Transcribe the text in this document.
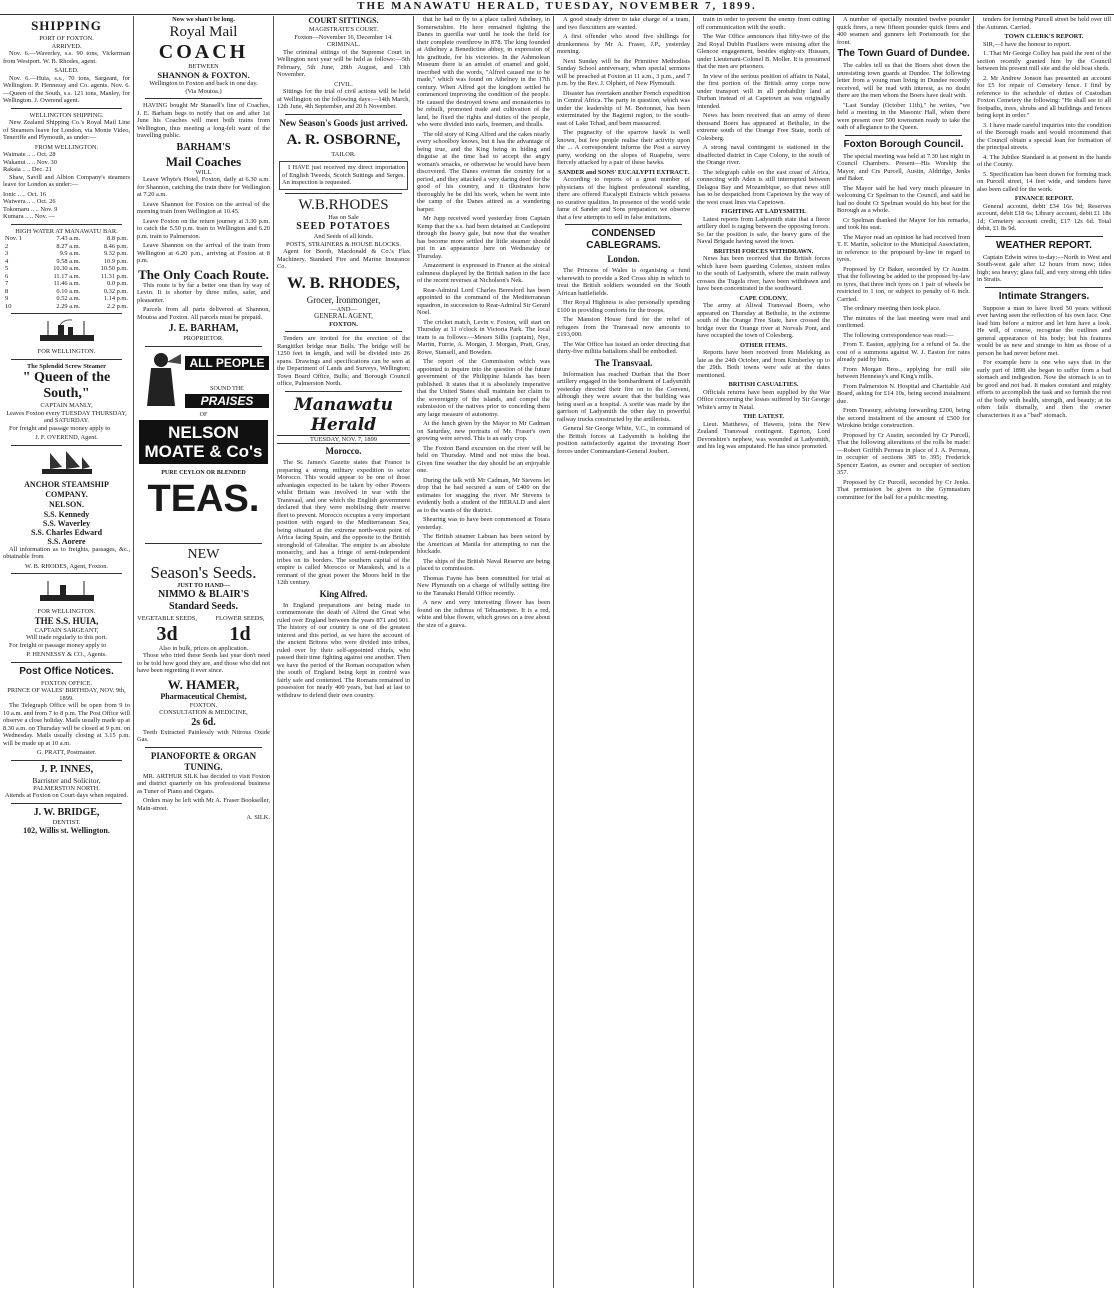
THE MANAWATU HERALD, TUESDAY, NOVEMBER 7, 1899.
SHIPPING
PORT OF FOXTON.
ARRIVED.

Nov. 6.—Waverley, s.s. 90 tons, Vickerman from Westport. W. B. Rhodes, agent.

SAILED.

Nov. 6.—Huia, s.s., 70 tons, Sargeant, for Wellington. P. Hennessy and Co. agents. Nov. 6.—Queen of the South, s.s. 121 tons, Manley, for Wellington. J. Overend agent.

WELLINGTON SHIPPING.

New Zealand Shipping Co.'s Royal Mail Line of Steamers leave for London, via Monte Video, Teneriffe and Plymouth, as under:—

FROM WELLINGTON.
Waimate .. .. Oct. 28
Wakanui .. .. Nov. 30
Rakaia .. .. Dec. 21

Shaw, Savill and Albion Company's steamers leave for London as under:—

Ionic .. .. Oct. 16
Waiwera .. .. Oct. 26
Tokomaru .. .. Nov. 9
Kumara .. .. Nov. —
HIGH WATER AT MANAWATU BAR.
Nov. 1	7.43 a.m.	8.8 p.m.
2	8.27 a.m.	8.46 p.m.
3	9.9 a.m.	9.32 p.m.
4	9.58 a.m.	10.9 p.m.
5	10.30 a.m.	10.50 p.m.
6	11.17 a.m.	11.31 p.m.
7	11.46 a.m.	0.0 p.m.
8	0.10 a.m.	0.32 p.m.
9	0.52 a.m.	1.14 p.m.
10	2.29 a.m.	2.2 p.m.
FOR WELLINGTON.
The Splendid Screw Steamer
" Queen of the South,"
CAPTAIN MANLY,
Leaves Foxton every TUESDAY THURSDAY, and SATURDAY.

For freight and passage money apply to

J. F. OVEREND, Agent.
ANCHOR STEAMSHIP COMPANY.
NELSON.
S.S. Kennedy
S.S. Waverley
S.S. Charles Edward
S.S. Aorere

All information as to freights, passages, &c., obtainable from

W. B. RHODES, Agent, Foxton.
FOR WELLINGTON.
THE S.S. HUIA,
CAPTAIN SARGEANT,
Will trade regularly to this port.

For freight or passage money apply to

P. HENNESSY & CO., Agents.
Post Office Notices.
FOXTON OFFICE.
PRINCE OF WALES' BIRTHDAY, NOV. 9th, 1899.

The Telegraph Office will be open from 9 to 10 a.m. and from 7 to 8 p.m. The Post Office will observe a close holiday. Mails usually made up at 8.30 a.m. on Thursday will be closed at 9 p.m. on Wednesday. Mails usually closing at 3.15 p.m. will be made up at 10 a.m.

G. PRATT, Postmaster.
J. P. INNES,
Barrister and Solicitor,
PALMERSTON NORTH.
Attends at Foxton on Court days when required.
J. W. BRIDGE,
DENTIST.
102, Willis st. Wellington.
Now we shan't be long.
Royal Mail
COACH
BETWEEN
SHANNON & FOXTON.
Wellington to Foxton and back in one day.
(Via Moutoa.)

HAVING bought Mr Stansell's line of Coaches, J. E. Barham begs to notify that on and after 1st June his Coaches will meet both trains from Wellington, thus meeting a long-felt want of the travelling public.

BARHAM'S
Mail Coaches
WILL

Leave Whyte's Hotel, Foxton, daily at 6.30 a.m. for Shannon, catching the train there for Wellington at 7.20 a.m.

Leave Shannon for Foxton on the arrival of the morning train from Wellington at 10.45.

Leave Foxton on the return journey at 3.30 p.m. to catch the 5.50 p.m. train to Wellington and 6.20 p.m. train to Palmerston.

Leave Shannon on the arrival of the train from Wellington at 6.20 p.m., arriving at Foxton at 8 p.m.

The Only Coach Route.

This route is by far a better one than by way of Levin. It is shorter by three miles, safer, and pleasanter.

Parcels from all parts delivered at Shannon, Moutoa and Foxton. All parcels must be prepaid.

J. E. BARHAM,
PROPRIETOR.
ALL PEOPLE
SOUND THE
PRAISES
OF
NELSON MOATE & Co's
PURE CEYLON OR BLENDED
TEAS.
NEW
Season's Seeds.
JUST TO HAND—
NIMMO & BLAIR'S
Standard Seeds.
VEGETABLE SEEDS,
3d
FLOWER SEEDS,
1d
Also in bulk, prices on application.

Those who tried these Seeds last year don't need to be told how good they are, and those who did not have been regretting it ever since.

W. HAMER,
Pharmaceutical Chemist,
FOXTON.
CONSULTATION & MEDICINE,
2s 6d.

Teeth Extracted Painlessly with Nitrous Oxide Gas.

PIANOFORTE & ORGAN TUNING.

MR. ARTHUR SILK has decided to visit Foxton and district quarterly on his professional business as Tuner of Piano and Organs.

Orders may be left with Mr A. Fraser Bookseller, Main-street.

A. SILK.
COURT SITTINGS.
MAGISTRATE'S COURT.
Foxton—November 16, December 14.
CRIMINAL.

The criminal sittings of the Supreme Court in Wellington next year will be held as follows:—5th February, 5th June, 28th August, and 13th November.

CIVIL.

Sittings for the trial of civil actions will be held at Wellington on the following days:—14th March, 12th June, 4th September, and 20 h November.

New Season's Goods just arrived.
A. R. OSBORNE,
TAILOR.

I HAVE just received my direct importation of English Tweeds, Scotch Suitings and Serges. An inspection is requested.

W.B.RHODES
Has on Sale
SEED POTATOES
And Seeds of all kinds.
POSTS, STRAINERS & HOUSE BLOCKS.

Agent for Booth, Macdonald & Co.'s Flax Machinery. Standard Fire and Marine Insurance Co.

W. B. RHODES,
Grocer, Ironmonger,
—AND—
GENERAL AGENT,
FOXTON.

Tenders are invited for the erection of the Rangitikei bridge near Bulls. The bridge will be 1250 feet in length, and will be divided into 26 spans. Drawings and specifications can be seen at the Department of Lands and Surveys, Wellington; Town Board Office, Bulls; and Borough Council office, Palmerston North.

Manawatu Herald
TUESDAY, NOV. 7, 1899
Morocco.

The St. James's Gazette states that France is preparing a strong military expedition to seize Morocco. This would appear to be one of those advantages expected to be taken by other Powers whilst Britain was involved in war with the Transvaal, and one which the English government declared that they were mobilising their reserve fleet to prevent. Morocco occupies a very important position with regard to the Mediterranean Sea, being situated at the extreme north-west point of Africa facing Spain, and the opposite to the British stronghold of Gibraltar. The empire is an absolute monarchy, and has a fringe of semi-independent tribes on its borders. The southern capital of the empire is called Morocco or Marakesh, and is a remnant of the great power the Moors held in the 12th century.

King Alfred.

In England preparations are being made to commemorate the death of Alfred the Great who ruled over England between the years 871 and 901. The history of our country is one of the greatest interest and this period, as we have the account of the ancient Britons who were divided into tribes, ruled over by their self-appointed chiefs, who passed their time fighting against one another. Then we have the period of the Roman occupation when the south of England being kept in control was fairly safe and contented. The Romans remained in possession for nearly 400 years, but had at last to withdraw to defend their own country.

that he had to fly to a place called Athelney, in Somersetshire. He here remained fighting the Danes in guerilla war until he took the field for their complete overthrow in 878. The king founded at Athelney a Benedictine abbey, in expression of his gratitude, for his victories. In the Ashmolean Museum there is an amulet of enamel and gold, inscribed with the words, "Alfred caused me to be made," which was found on Athelney in the 17th century. When Alfred got the kingdom settled he commenced improving the condition of the people. He caused the destroyed towns and monasteries to be rebuilt, promoted trade and cultivation of the land, he fixed the rights and duties of the people, who were divided into earls, freemen, and thralls.

The old story of King Alfred and the cakes nearly every schoolboy knows, but it has the advantage of being true, and the King being in hiding and disguise at the time had to accept the angry woman's smacks, or otherwise he would have been discovered. The Danes overran the country for a period, and they attacked a very daring deed for the good of his country, and it illustrates how thoroughly he be did his work, when he went into the camp of the Danes attired as a wandering harper.

Mr Jupp received word yesterday from Captain Kemp that the s.s. had been detained at Castlepoint through the heavy gale, but now that the weather has become more settled the little steamer should put in an appearance here on Wednesday or Thursday.

Amazement is expressed in France at the stoical calmness displayed by the British nation in the face of the recent reverses at Nicholson's Nek.

Rear-Admiral Lord Charles Beresford has been appointed to the command of the Mediterranean squadron, in succession to Rear-Admiral Sir Gerard Noel.

The cricket match, Levin v. Foxton, will start on Thursday at 11 o'clock in Victoria Park. The local team is as follows:—Messrs Sillis (captain), Nye, Martin, Furrie, A. Morgan, J. Morgan, Pratt, Gray, Rowe, Stansell, and Bowden.

The report of the Commission which was appointed to inquire into the question of the future government of the Philippine Islands has been published. It states that it is absolutely imperative that the United States shall maintain her claim to the sovereignty of the islands, and compel the submission of the natives prior to conceding them any large measure of autonomy.

At the lunch given by the Mayor to Mr Cadman on Saturday, new portraits of Mr. Fraser's own growing were served. This is an early crop.

The Foxton Band excursion on the river will be held on Thursday. Mind and not miss the boat. Given fine weather the day should be an enjoyable one.

During the talk with Mr Cadman, Mr Stevens let drop that he had secured a sum of £400 on the estimates for snagging the river. Mr Stevens is evidently both a student of the HERALD and alert as to the wants of the district.

Shearing was to have been commenced at Totara yesterday.

The British steamer Labuan has been seized by the American at Manila for attempting to run the blockade.

The ships of the British Naval Reserve are being placed to commission.

Thomas Fayne has been committed for trial at New Plymouth on a charge of wilfully setting fire to the Taranaki Herald Office recently.

A new and very interesting flower has been found on the isthmus of Tehuantepec. It is a red, white and blue flower, which grows on a tree about the size of a guava.

A good steady driver to take charge of a team, and two flaxcutters are wanted.

A first offender who stood five shillings for drunkenness by Mr A. Fraser, J.P., yesterday morning.

Next Sunday will be the Primitive Methodists Sunday School anniversary, when special sermons will be preached at Foxton at 11 a.m., 3 p.m., and 7 p.m. by the Rev. J. Olphert, of New Plymouth.

Disaster has overtaken another French expedition in Central Africa. The party in question, which was under the leadership of M. Bretonnet, has been exterminated by the Bagirmi region, to the south-east of Lake Tchad, and been massacred.

The pugnacity of the sparrow hawk is well known, but few people realise their activity upon the ... A correspondent informs the Post a survey party, working on the slopes of Ruapehu, were fiercely attacked by a pair of these hawks.

SANDER and SONS' EUCALYPTI EXTRACT.

According to reports of a great number of physicians of the highest professional standing, there are offered Eucalypti Extracts which possess no curative qualities. In presence of the world wide fame of Sander and Sons preparation we observe that a few attempts to sell in false imitations.

CONDENSED CABLEGRAMS.
London.

The Princess of Wales is organising a fund wherewith to provide a Red Cross ship in which to treat the British soldiers wounded on the South African battlefields.

Her Royal Highness is also personally spending £100 in providing comforts for the troops.

The Mansion House fund for the relief of refugees from the Transvaal now amounts to £193,000.

The War Office has issued an order directing that thirty-five militia battalions shall be embodied.

The Transvaal.

Information has reached Durban that the Boer artillery engaged in the bombardment of Ladysmith yesterday directed their fire on to the Convent, although they were aware that the building was being used as a hospital. A sortie was made by the garrison of Ladysmith the other day in powerful railway trucks constructed by the artillerists.

General Sir George White, V.C., in command of the British forces at Ladysmith is holding the position satisfactorily against the investing Boer forces under Commandant-General Joubert.

train in order to prevent the enemy from cutting off communication with the south.

The War Office announces that fifty-two of the 2nd Royal Dublin Fusiliers were missing after the Glencoe engagement, besides eighty-six Hussars, under Lieutenant-Colonel B. Moller. It is presumed that the men are prisoners.

In view of the serious position of affairs in Natal, the first portion of the British army corps now under transport will in all probability land at Durban instead of at Capetown as was originally intended.

News has been received that an army of three thousand Boers has appeared at Bethulie, in the extreme south of the Orange Free State, north of Colesberg.

A strong naval contingent is stationed in the disaffected district in Cape Colony, to the south of the Orange river.

The telegraph cable on the east coast of Africa, connecting with Aden is still interrupted between Delagoa Bay and Mozambique, so that news still has to be despatched from Capetown by the way of the west coast lines via Capetown.

FIGHTING AT LADYSMITH.

Latest reports from Ladysmith state that a fierce artillery duel is raging between the opposing forces. So far the position is safe, the heavy guns of the Naval Brigade having saved the town.

BRITISH FORCES WITHDRAWN.

News has been received that the British forces which have been guarding Colenso, sixteen miles to the south of Ladysmith, where the main railway crosses the Tugela river, have been withdrawn and have been concentrated in the southward.

CAPE COLONY.

The army at Aliwal Transvaal Boers, who appeared on Thursday at Bethulie, in the extreme south of the Orange Free State, have crossed the bridge over the Orange river at Norvals Pont, and have occupied the town of Colesberg.

OTHER ITEMS.

Reports have been received from Mafeking as late as the 24th October, and from Kimberley up to the 29th. Both towns were safe at the dates mentioned.

BRITISH CASUALTIES.

Officials returns have been supplied by the War Office concerning the losses suffered by Sir George White's army in Natal.

THE LATEST.

Lieut. Matthews, of Hawera, joins the New Zealand Transvaal contingent. Egerton, Lord Devonshire's nephew, was wounded at Ladysmith, and his leg was amputated. He has since promoted.

A number of specially mounted twelve pounder quick firers, a new fifteen pounder quick firers and 400 seamen and gunners left Portsmouth for the front.

The Town Guard of Dundee.

The cables tell us that the Boers shot down the unresisting town guards at Dundee. The following letter from a young man living in Dundee recently received, will be read with interest, as no doubt there are the men whom the Boers have dealt with.

"Last Sunday (October 11th)," he writes, "we held a meeting in the Masonic Hall, when there were present over 500 townsmen ready to take the oath of allegiance to the Queen.

Foxton Borough Council.

The special meeting was held at 7.30 last night in Council Chambers. Present—His Worship the Mayor, and Crs Purcell, Austin, Aldridge, Jenks and Baker.

The Mayor said he had very much pleasure in welcoming Cr Spelman to the Council, and said he had no doubt Cr Spelman would do his best for the Borough as a whole.

Cr Spelman thanked the Mayor for his remarks, and took his seat.

The Mayor read an opinion he had received from T. F. Martin, solicitor to the Municipal Association, in reference to the proposed by-law in regard to tyres.

Proposed by Cr Baker, seconded by Cr Austin. That the following be added to the proposed by-law re tyres, that three inch tyres on 1 pair of wheels be restricted to 1 ton, or subject to penalty of 6 inch. Carried.

The ordinary meeting then took place.

The minutes of the last meeting were read and confirmed.

The following correspondence was read:—

From T. Easton, applying for a refund of 5s. the cost of a summons against W. J. Easton for rates already paid by him.

From Morgan Bros., applying for mill site between Hennessy's and King's mills.

From Palmerston N. Hospital and Charitable Aid Board, asking for £14 10s, being second instalment due.

From Treasury, advising forwarding £200, being the second instalment of the amount of £500 for Wirokino bridge construction.

Proposed by Cr Austin, seconded by Cr Purcell, That the following alterations of the rolls be made:—Robert Griffith Perreau in place of J. A. Perreau, in occupier of sections 385 to 395; Frederick Spencer Easton, as owner and occupier of section 357.

Proposed by Cr Purcell, seconded by Cr Jenks. That permission be given to the Gymnasium committee for the hall for a public meeting.

tenders for forming Purcell street be held over till the Autumn. Carried.

TOWN CLERK'S REPORT.

SIR,—I have the honour to report.

1. That Mr George Colley has paid the rent of the section recently granted him by the Council between his present mill site and the old boat sheds.

2. Mr Andrew Jonson has presented an account for £5 for repair of Cemetery fence. I find by reference to the schedule of duties of Custodian Foxton Cemetery the following: "He shall see to all footpaths, trees, shrubs and all buildings and fences being kept in order."

3. I have made careful inquiries into the condition of the Borough roads and would recommend that the Council obtain a special loan for formation of the principal streets.

4. The Jubilee Standard is at present in the hands of the County.

5. Specification has been drawn for forming track on Purcell street, 14 feet wide, and tenders have also been called for the work.

FINANCE REPORT.

General account, debit £34 16s 9d; Reserves account, debit £18 6s; Library account, debit £1 18s 1d; Cemetery account credit, £17 12s 6d. Total debit, £1 8s 9d.

WEATHER REPORT.

Captain Edwin wires to-day:—North to West and South-west gale after 12 hours from now; tides high; sea heavy; glass fall, and very strong ebb tides in Straits.

Intimate Strangers.

Suppose a man to have lived 50 years without ever having seen the reflection of his own face. One lead him before a mirror and let him have a look. He will, of course, recognise the outlines and general appearance of his body; but his features would be as new and strange to him as those of a person he had never before met.

For example here is one who says that in the early part of 1898 she began to suffer from a bad stomach and indigestion. Now the stomach is so to be good and not bad. It makes constant and mighty efforts to accomplish the task and so furnish the rest of the body with health, strength, and beauty; at its often fails dismally, and then the owner characterises it as a "bad" stomach.
